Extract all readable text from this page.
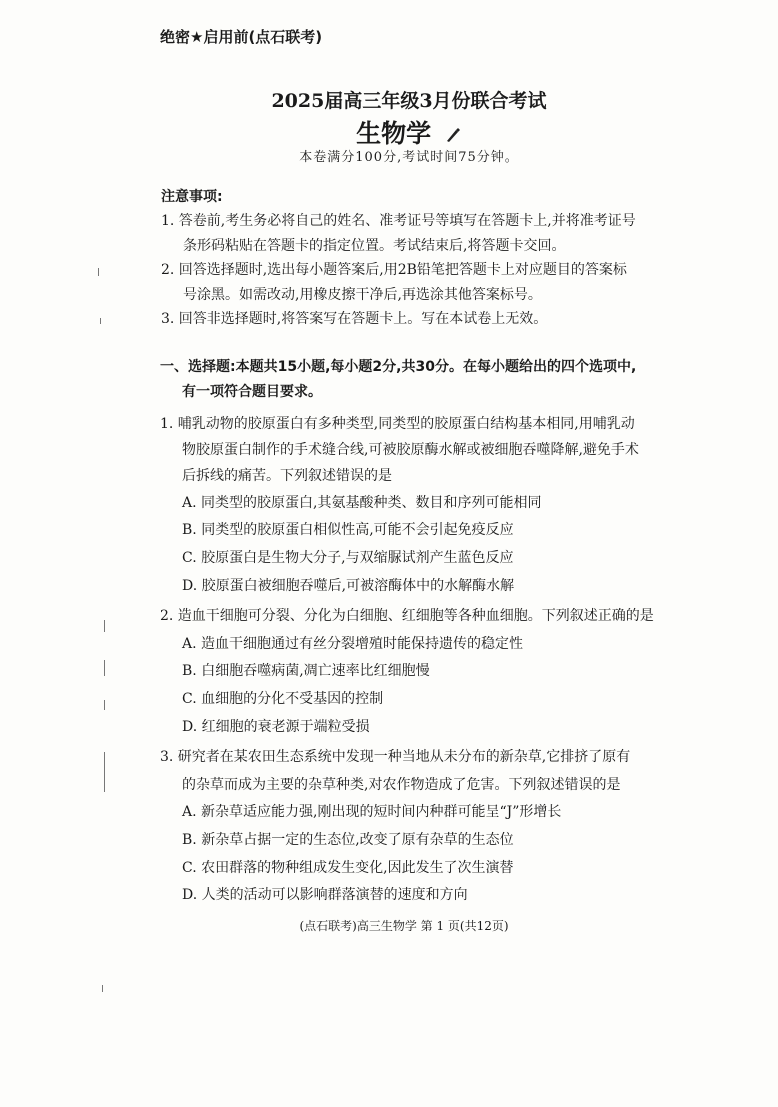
绝密★启用前(点石联考)
2025届高三年级3月份联合考试
生物学
本卷满分100分,考试时间75分钟。
注意事项:
1. 答卷前,考生务必将自己的姓名、准考证号等填写在答题卡上,并将准考证号
条形码粘贴在答题卡的指定位置。考试结束后,将答题卡交回。
2. 回答选择题时,选出每小题答案后,用2B铅笔把答题卡上对应题目的答案标
号涂黑。如需改动,用橡皮擦干净后,再选涂其他答案标号。
3. 回答非选择题时,将答案写在答题卡上。写在本试卷上无效。
一、选择题:本题共15小题,每小题2分,共30分。在每小题给出的四个选项中,
有一项符合题目要求。
1. 哺乳动物的胶原蛋白有多种类型,同类型的胶原蛋白结构基本相同,用哺乳动
物胶原蛋白制作的手术缝合线,可被胶原酶水解或被细胞吞噬降解,避免手术
后拆线的痛苦。下列叙述错误的是
A. 同类型的胶原蛋白,其氨基酸种类、数目和序列可能相同
B. 同类型的胶原蛋白相似性高,可能不会引起免疫反应
C. 胶原蛋白是生物大分子,与双缩脲试剂产生蓝色反应
D. 胶原蛋白被细胞吞噬后,可被溶酶体中的水解酶水解
2. 造血干细胞可分裂、分化为白细胞、红细胞等各种血细胞。下列叙述正确的是
A. 造血干细胞通过有丝分裂增殖时能保持遗传的稳定性
B. 白细胞吞噬病菌,凋亡速率比红细胞慢
C. 血细胞的分化不受基因的控制
D. 红细胞的衰老源于端粒受损
3. 研究者在某农田生态系统中发现一种当地从未分布的新杂草,它排挤了原有
的杂草而成为主要的杂草种类,对农作物造成了危害。下列叙述错误的是
A. 新杂草适应能力强,刚出现的短时间内种群可能呈“J”形增长
B. 新杂草占据一定的生态位,改变了原有杂草的生态位
C. 农田群落的物种组成发生变化,因此发生了次生演替
D. 人类的活动可以影响群落演替的速度和方向
(点石联考)高三生物学 第 1 页(共12页)
